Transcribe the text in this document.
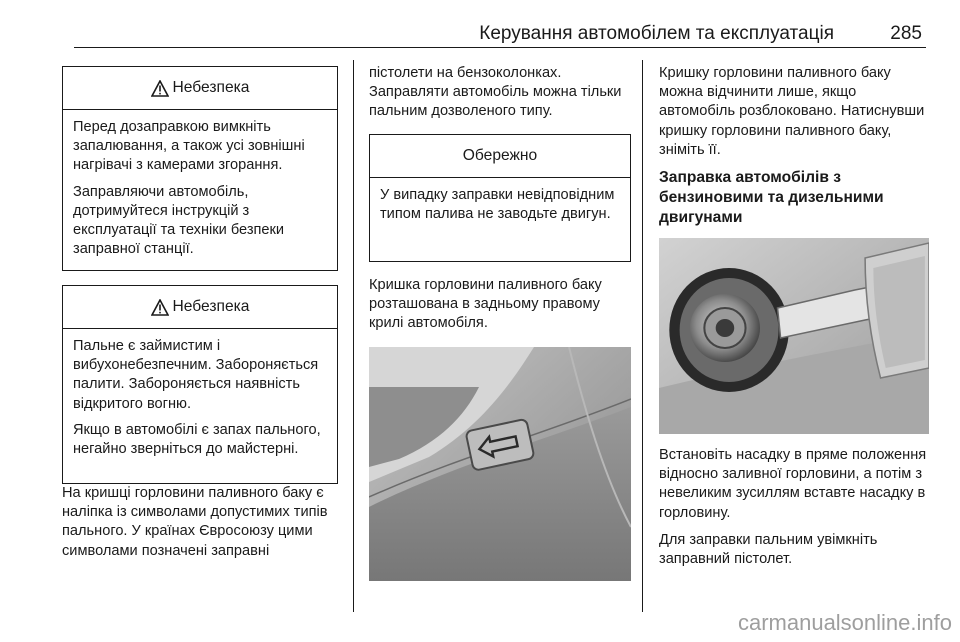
Керування автомобілем та експлуатація	285
Небезпека

Перед дозаправкою вимкніть запалювання, а також усі зовнішні нагрівачі з камерами згорання.

Заправляючи автомобіль, дотримуйтеся інструкцій з експлуатації та техніки безпеки заправної станції.

Небезпека

Пальне є займистим і вибухонебезпечним. Забороняється палити. Забороняється наявність відкритого вогню.

Якщо в автомобілі є запах пального, негайно зверніться до майстерні.

На кришці горловини паливного баку є наліпка із символами допустимих типів пального. У країнах Євросоюзу цими символами позначені заправні

пістолети на бензоколонках. Заправляти автомобіль можна тільки пальним дозволеного типу.

Обережно

У випадку заправки невідповідним типом палива не заводьте двигун.

Кришка горловини паливного баку розташована в задньому правому крилі автомобіля.

Кришку горловини паливного баку можна відчинити лише, якщо автомобіль розблоковано. Натиснувши кришку горловини паливного баку, зніміть її.

Заправка автомобілів з бензиновими та дизельними двигунами

Встановіть насадку в пряме положення відносно заливної горловини, а потім з невеликим зусиллям вставте насадку в горловину.

Для заправки пальним увімкніть заправний пістолет.

carmanualsonline.info
